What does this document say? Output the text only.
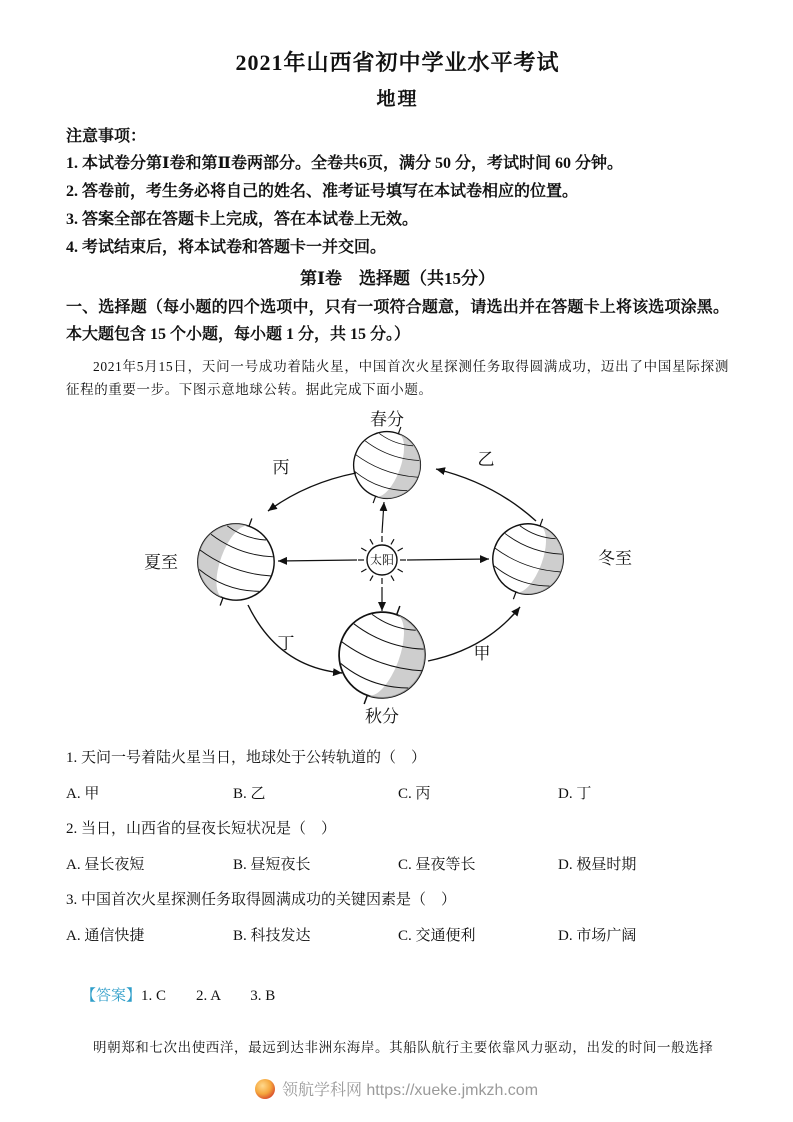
2021年山西省初中学业水平考试
地理
注意事项：
1. 本试卷分第Ⅰ卷和第Ⅱ卷两部分。全卷共6页，满分 50 分，考试时间 60 分钟。
2. 答卷前，考生务必将自己的姓名、准考证号填写在本试卷相应的位置。
3. 答案全部在答题卡上完成，答在本试卷上无效。
4. 考试结束后，将本试卷和答题卡一并交回。
第Ⅰ卷　选择题（共15分）
一、选择题（每小题的四个选项中，只有一项符合题意，请选出并在答题卡上将该选项涂黑。本大题包含 15 个小题，每小题 1 分，共 15 分。）

2021年5月15日，天问一号成功着陆火星，中国首次火星探测任务取得圆满成功，迈出了中国星际探测征程的重要一步。下图示意地球公转。据此完成下面小题。

太阳
春分
丙	乙
夏至	冬至
丁
甲
秋分
1. 天问一号着陆火星当日，地球处于公转轨道的（　）
A. 甲	B. 乙	C. 丙	D. 丁
2. 当日，山西省的昼夜长短状况是（　）
A. 昼长夜短	B. 昼短夜长	C. 昼夜等长	D. 极昼时期
3. 中国首次火星探测任务取得圆满成功的关键因素是（　）
A. 通信快捷	B. 科技发达	C. 交通便利	D. 市场广阔

【答案】1. C　　2. A　　3. B

明朝郑和七次出使西洋，最远到达非洲东海岸。其船队航行主要依靠风力驱动，出发的时间一般选择

领航学科网 https://xueke.jmkzh.com
